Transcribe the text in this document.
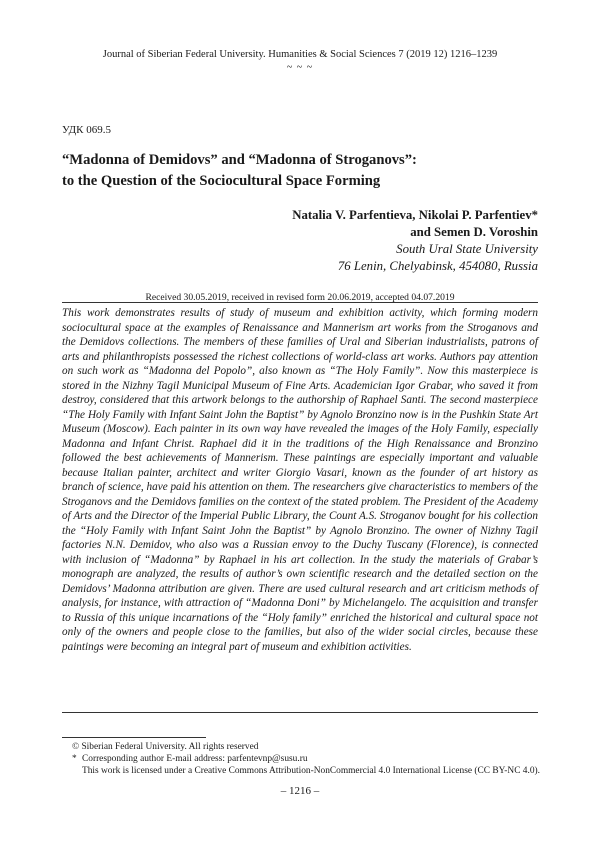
Journal of Siberian Federal University. Humanities & Social Sciences 7 (2019 12) 1216–1239
~ ~ ~
УДК 069.5
“Madonna of Demidovs” and “Madonna of Stroganovs”:
to the Question of the Sociocultural Space Forming
Natalia V. Parfentieva, Nikolai P. Parfentiev*
and Semen D. Voroshin
South Ural State University
76 Lenin, Chelyabinsk, 454080, Russia
Received 30.05.2019, received in revised form 20.06.2019, accepted 04.07.2019

This work demonstrates results of study of museum and exhibition activity, which forming modern sociocultural space at the examples of Renaissance and Mannerism art works from the Stroganovs and the Demidovs collections. The members of these families of Ural and Siberian industrialists, patrons of arts and philanthropists possessed the richest collections of world-class art works. Authors pay attention on such work as “Madonna del Popolo”, also known as “The Holy Family”. Now this masterpiece is stored in the Nizhny Tagil Municipal Museum of Fine Arts. Academician Igor Grabar, who saved it from destroy, considered that this artwork belongs to the authorship of Raphael Santi. The second masterpiece “The Holy Family with Infant Saint John the Baptist” by Agnolo Bronzino now is in the Pushkin State Art Museum (Moscow). Each painter in its own way have revealed the images of the Holy Family, especially Madonna and Infant Christ. Raphael did it in the traditions of the High Renaissance and Bronzino followed the best achievements of Mannerism. These paintings are especially important and valuable because Italian painter, architect and writer Giorgio Vasari, known as the founder of art history as branch of science, have paid his attention on them. The researchers give characteristics to members of the Stroganovs and the Demidovs families on the context of the stated problem. The President of the Academy of Arts and the Director of the Imperial Public Library, the Count A.S. Stroganov bought for his collection the “Holy Family with Infant Saint John the Baptist” by Agnolo Bronzino. The owner of Nizhny Tagil factories N.N. Demidov, who also was a Russian envoy to the Duchy Tuscany (Florence), is connected with inclusion of “Madonna” by Raphael in his art collection. In the study the materials of Grabar’s monograph are analyzed, the results of author’s own scientific research and the detailed section on the Demidovs’ Madonna attribution are given. There are used cultural research and art criticism methods of analysis, for instance, with attraction of “Madonna Doni” by Michelangelo. The acquisition and transfer to Russia of this unique incarnations of the “Holy family” enriched the historical and cultural space not only of the owners and people close to the families, but also of the wider social circles, because these paintings were becoming an integral part of museum and exhibition activities.

© Siberian Federal University. All rights reserved
* Corresponding author E-mail address: parfentevnp@susu.ru
This work is licensed under a Creative Commons Attribution-NonCommercial 4.0 International License (CC BY-NC 4.0).
– 1216 –
